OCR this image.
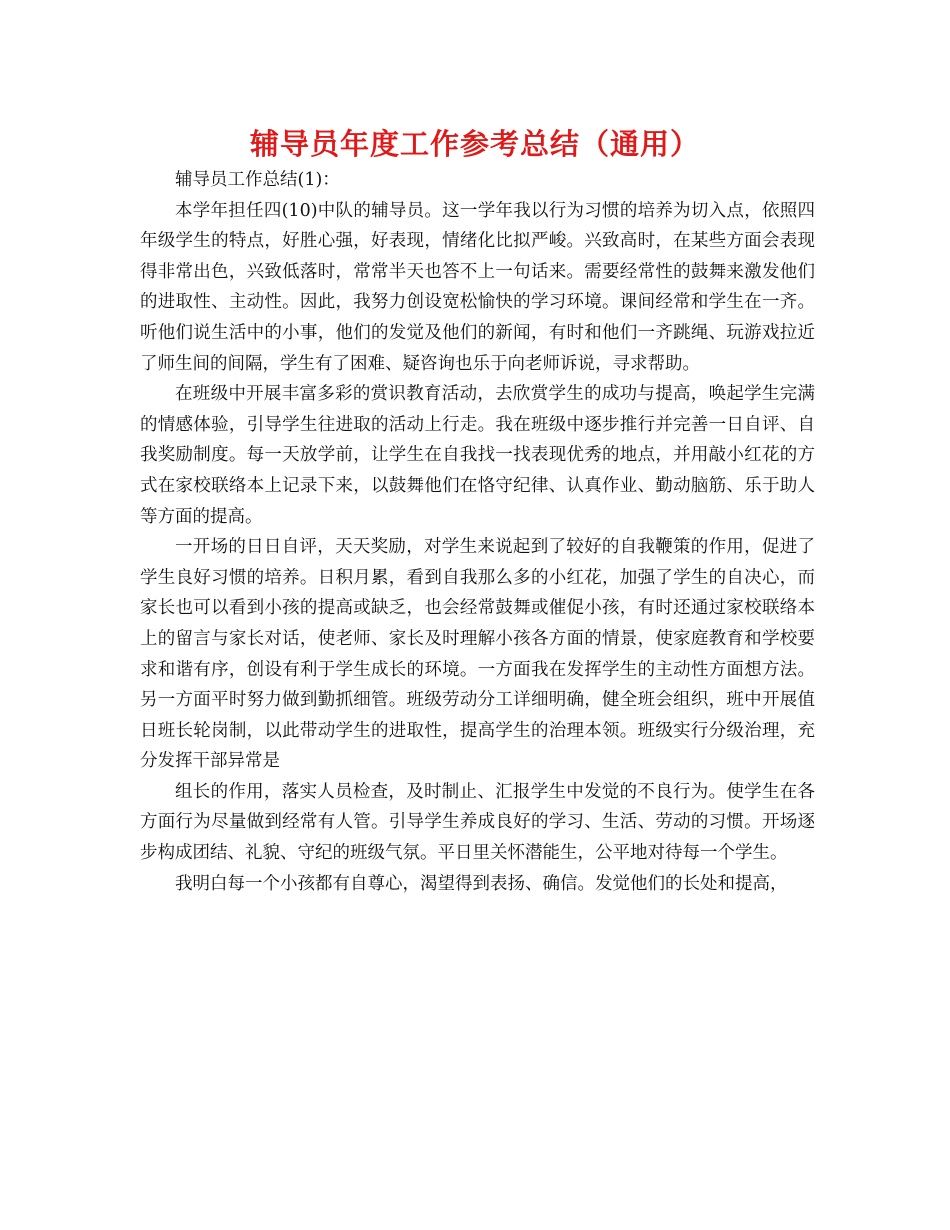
辅导员年度工作参考总结（通用）

辅导员工作总结(1)：

本学年担任四(10)中队的辅导员。这一学年我以行为习惯的培养为切入点，依照四年级学生的特点，好胜心强，好表现，情绪化比拟严峻。兴致高时，在某些方面会表现得非常出色，兴致低落时，常常半天也答不上一句话来。需要经常性的鼓舞来激发他们的进取性、主动性。因此，我努力创设宽松愉快的学习环境。课间经常和学生在一齐。听他们说生活中的小事，他们的发觉及他们的新闻，有时和他们一齐跳绳、玩游戏拉近了师生间的间隔，学生有了困难、疑咨询也乐于向老师诉说，寻求帮助。

在班级中开展丰富多彩的赏识教育活动，去欣赏学生的成功与提高，唤起学生完满的情感体验，引导学生往进取的活动上行走。我在班级中逐步推行并完善一日自评、自我奖励制度。每一天放学前，让学生在自我找一找表现优秀的地点，并用敲小红花的方式在家校联络本上记录下来，以鼓舞他们在恪守纪律、认真作业、勤动脑筋、乐于助人等方面的提高。

一开场的日日自评，天天奖励，对学生来说起到了较好的自我鞭策的作用，促进了学生良好习惯的培养。日积月累，看到自我那么多的小红花，加强了学生的自决心，而家长也可以看到小孩的提高或缺乏，也会经常鼓舞或催促小孩，有时还通过家校联络本上的留言与家长对话，使老师、家长及时理解小孩各方面的情景，使家庭教育和学校要求和谐有序，创设有利于学生成长的环境。一方面我在发挥学生的主动性方面想方法。另一方面平时努力做到勤抓细管。班级劳动分工详细明确，健全班会组织，班中开展值日班长轮岗制，以此带动学生的进取性，提高学生的治理本领。班级实行分级治理，充分发挥干部异常是

组长的作用，落实人员检查，及时制止、汇报学生中发觉的不良行为。使学生在各方面行为尽量做到经常有人管。引导学生养成良好的学习、生活、劳动的习惯。开场逐步构成团结、礼貌、守纪的班级气氛。平日里关怀潜能生，公平地对待每一个学生。

我明白每一个小孩都有自尊心，渴望得到表扬、确信。发觉他们的长处和提高，
